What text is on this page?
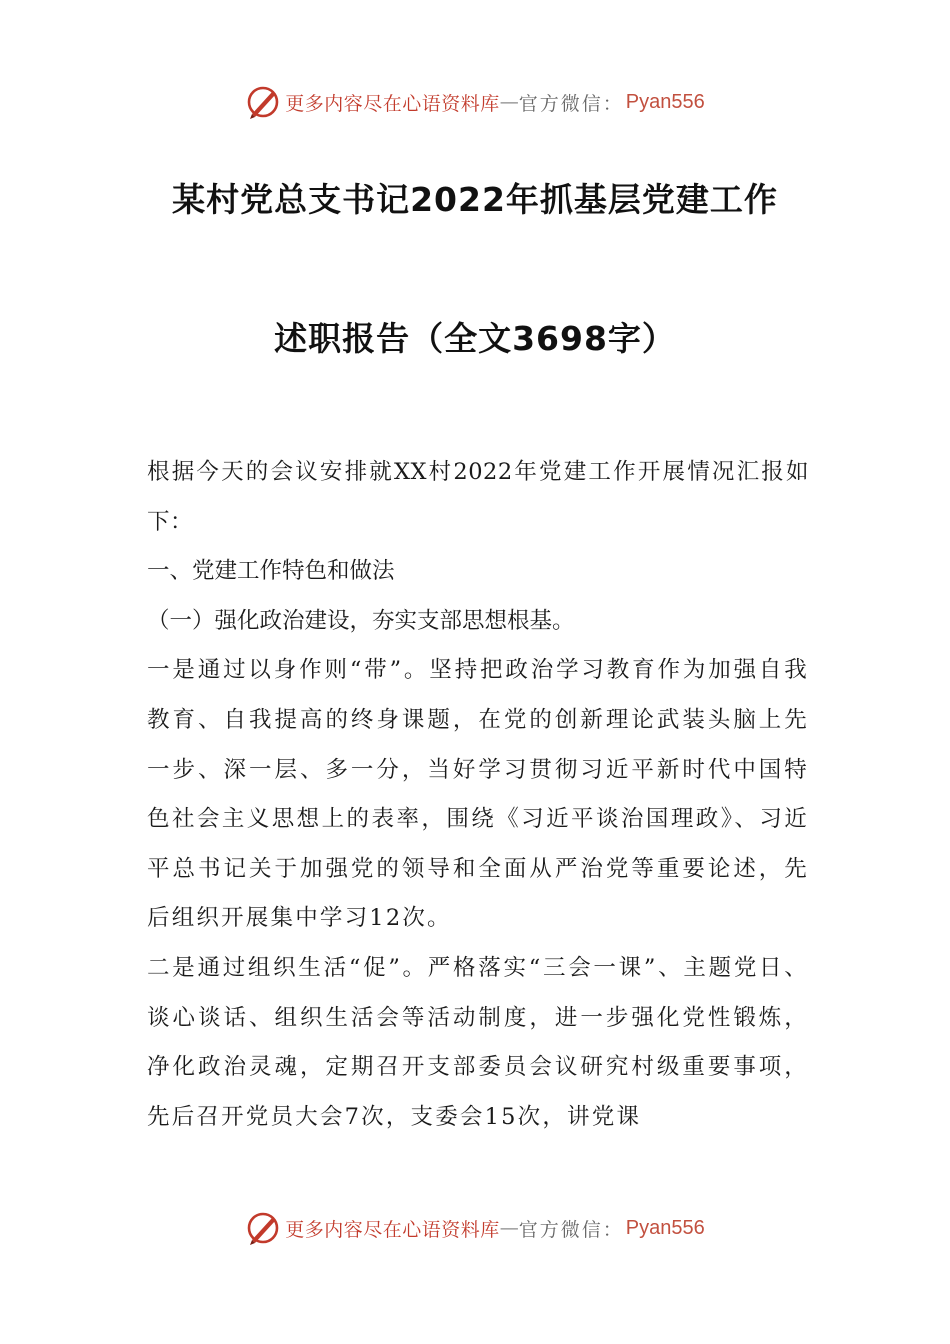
更多内容尽在心语资料库 — 官方微信： Pyan556
某村党总支书记2022年抓基层党建工作
述职报告（全文3698字）

根据今天的会议安排就XX村2022年党建工作开展情况汇报如下：

一、党建工作特色和做法

（一）强化政治建设，夯实支部思想根基。

一是通过以身作则“带”。坚持把政治学习教育作为加强自我教育、自我提高的终身课题，在党的创新理论武装头脑上先一步、深一层、多一分，当好学习贯彻习近平新时代中国特色社会主义思想上的表率，围绕《习近平谈治国理政》、习近平总书记关于加强党的领导和全面从严治党等重要论述，先后组织开展集中学习12次。

二是通过组织生活“促”。严格落实“三会一课”、主题党日、谈心谈话、组织生活会等活动制度，进一步强化党性锻炼，净化政治灵魂，定期召开支部委员会议研究村级重要事项，先后召开党员大会7次，支委会15次，讲党课

更多内容尽在心语资料库 — 官方微信： Pyan556
